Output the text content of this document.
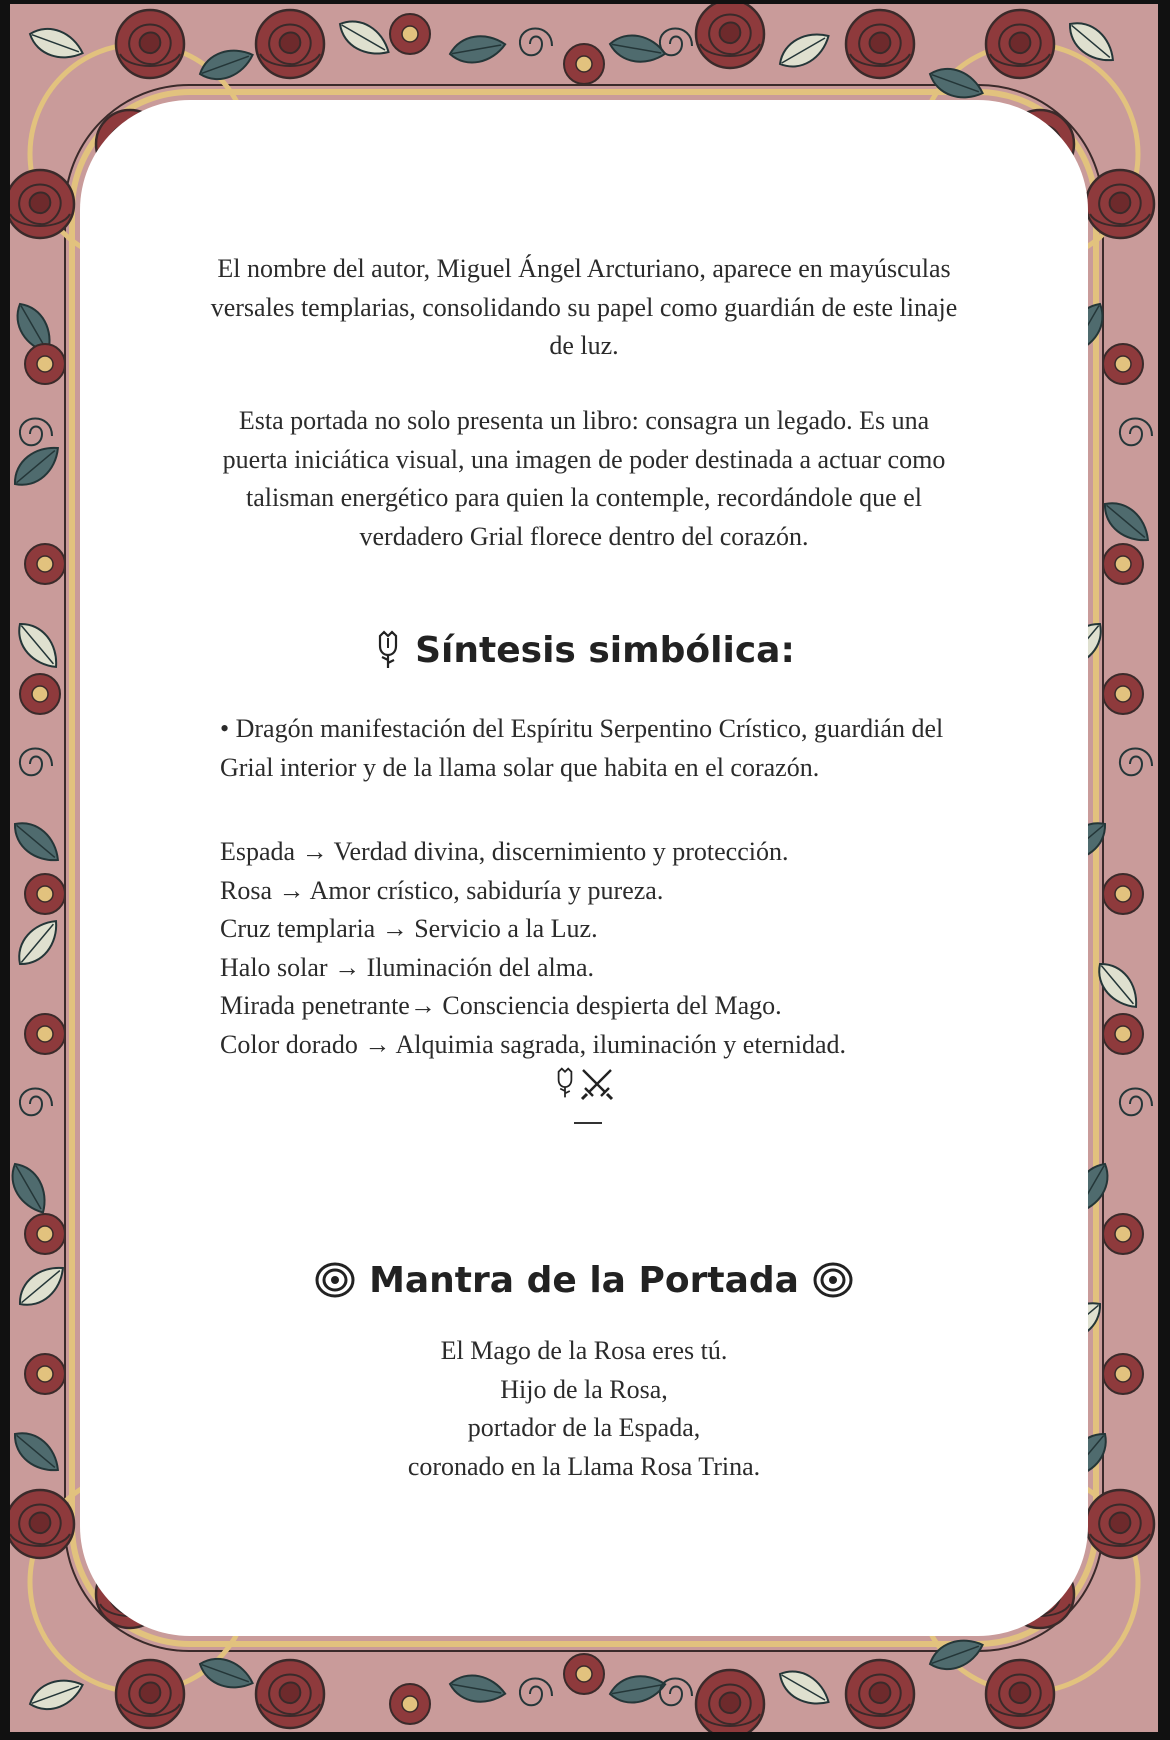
El nombre del autor, Miguel Ángel Arcturiano, aparece en mayúsculas versales templarias, consolidando su papel como guardián de este linaje de luz.

Esta portada no solo presenta un libro: consagra un legado. Es una puerta iniciática visual, una imagen de poder destinada a actuar como talisman energético para quien la contemple, recordándole que el verdadero Grial florece dentro del corazón.

Síntesis simbólica:

• Dragón manifestación del Espíritu Serpentino Crístico, guardián del Grial interior y de la llama solar que habita en el corazón.

Espada → Verdad divina, discernimiento y protección.
Rosa → Amor crístico, sabiduría y pureza.
Cruz templaria → Servicio a la Luz.
Halo solar → Iluminación del alma.
Mirada penetrante→ Consciencia despierta del Mago.
Color dorado → Alquimia sagrada, iluminación y eternidad.
Mantra de la Portada

El Mago de la Rosa eres tú.
Hijo de la Rosa,
portador de la Espada,
coronado en la Llama Rosa Trina.
